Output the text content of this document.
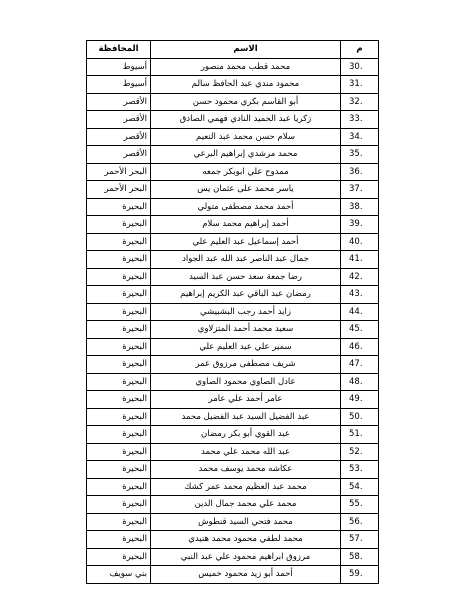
م	الاسم	المحافظة
30.	محمد قطب محمد منصور	أسيوط
31.	محمود مندي عبد الحافظ سالم	أسيوط
32.	أبو القاسم بكري محمود حسن	الأقصر
33.	زكريا عبد الحميد النادي فهمي الصادق	الأقصر
34.	سلام حسن محمد عبد النعيم	الأقصر
35.	محمد مرشدي إبراهيم البرعي	الأقصر
36.	ممدوح علي ابوبكر جمعه	البحر الأحمر
37.	ياسر محمد على عثمان يس	البحر الأحمر
38.	أحمد محمد مصطفى متولي	البحيرة
39.	أحمد إبراهيم محمد سلام	البحيرة
40.	أحمد إسماعيل عبد العليم علي	البحيرة
41.	جمال عبد الناصر عبد الله عبد الجواد	البحيرة
42.	رضا جمعة سعد حسن عبد السيد	البحيرة
43.	رمضان عبد الباقي عبد الكريم إبراهيم	البحيرة
44.	زايد أحمد رجب البشبيشي	البحيرة
45.	سعيد محمد أحمد المتزلاوي	البحيرة
46.	سمير علي عبد العليم علي	البحيرة
47.	شريف مصطفى مرزوق عمر	البحيرة
48.	عادل الصاوي محمود الصاوي	البحيرة
49.	عامر أحمد علي عامر	البحيرة
50.	عبد الفضيل السيد عبد الفضيل محمد	البحيرة
51.	عبد القوي أبو بكر رمضان	البحيرة
52.	عبد الله محمد علي محمد	البحيرة
53.	عكاشه محمد يوسف محمد	البحيرة
54.	محمد عبد العظيم محمد عمر كشك	البحيرة
55.	محمد علي محمد جمال الدين	البحيرة
56.	محمد فتحي السيد قنطوش	البحيرة
57.	محمد لطفي محمود محمد هنيدي	البحيرة
58.	مرزوق ابراهيم محمود علي عبد النبي	البحيرة
59.	أحمد أبو زيد محمود خميس	بني سويف
